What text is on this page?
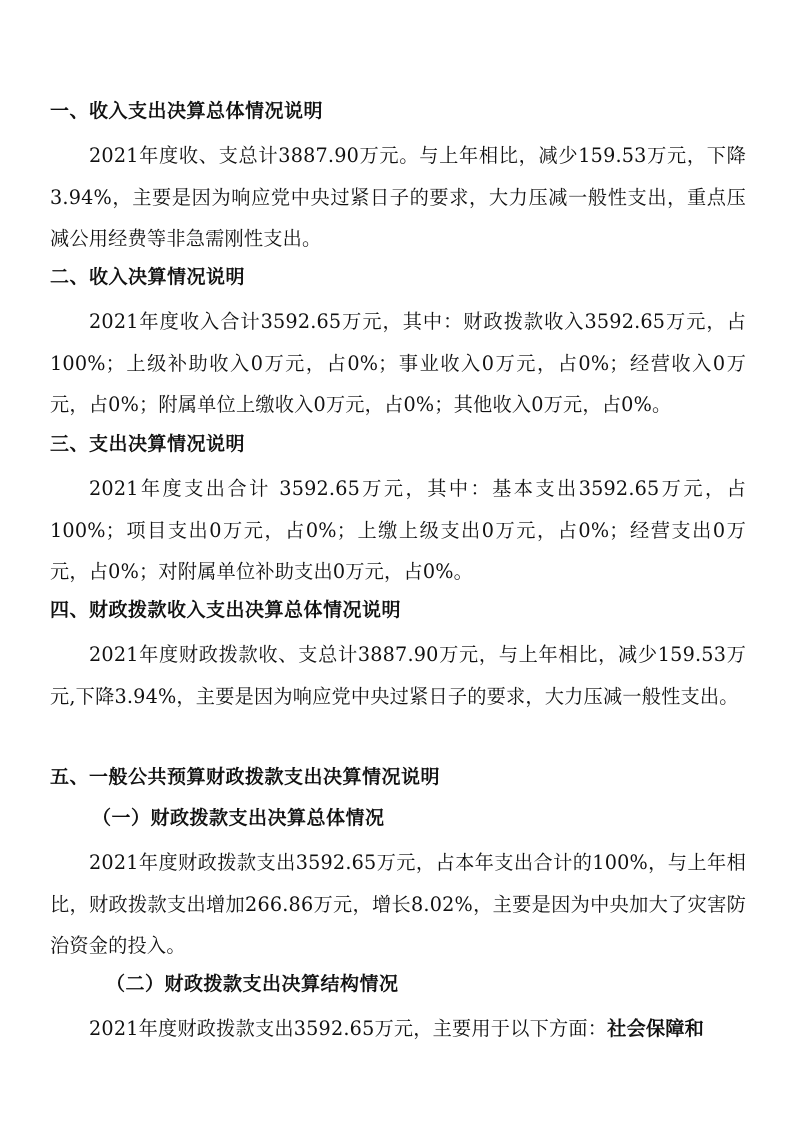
一、收入支出决算总体情况说明
2021年度收、支总计3887.90万元。与上年相比，减少159.53万元，下降3.94%，主要是因为响应党中央过紧日子的要求，大力压减一般性支出，重点压减公用经费等非急需刚性支出。
二、收入决算情况说明
2021年度收入合计3592.65万元，其中：财政拨款收入3592.65万元，占100%；上级补助收入0万元，占0%；事业收入0万元，占0%；经营收入0万元，占0%；附属单位上缴收入0万元，占0%；其他收入0万元，占0%。
三、支出决算情况说明
2021年度支出合计 3592.65万元，其中：基本支出3592.65万元，占100%；项目支出0万元，占0%；上缴上级支出0万元，占0%；经营支出0万元，占0%；对附属单位补助支出0万元，占0%。
四、财政拨款收入支出决算总体情况说明
2021年度财政拨款收、支总计3887.90万元，与上年相比，减少159.53万元,下降3.94%，主要是因为响应党中央过紧日子的要求，大力压减一般性支出。
五、一般公共预算财政拨款支出决算情况说明
（一）财政拨款支出决算总体情况
2021年度财政拨款支出3592.65万元，占本年支出合计的100%，与上年相比，财政拨款支出增加266.86万元，增长8.02%，主要是因为中央加大了灾害防治资金的投入。
（二）财政拨款支出决算结构情况
2021年度财政拨款支出3592.65万元，主要用于以下方面：社会保障和
